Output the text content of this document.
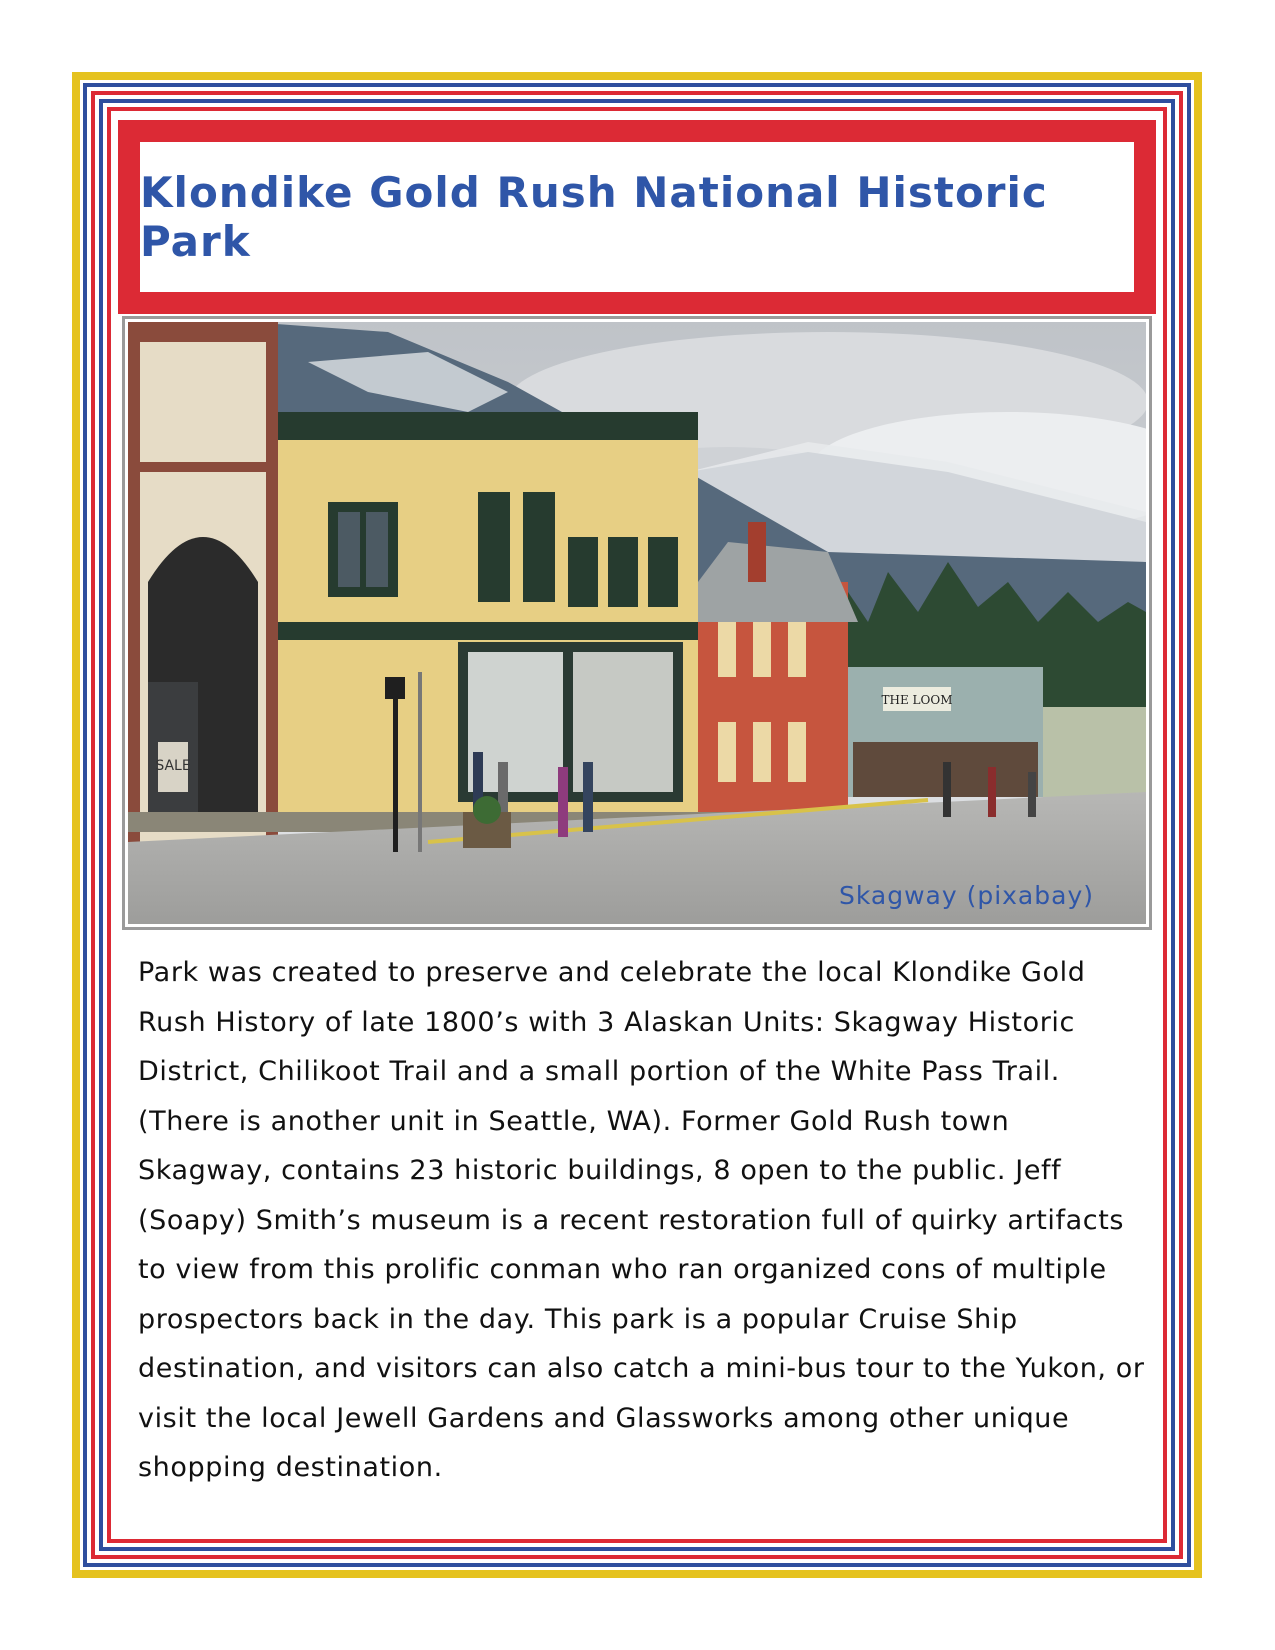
Klondike Gold Rush National Historic Park
SALE
THE LOOM
Skagway (pixabay)

Park was created to preserve and celebrate the local Klondike Gold Rush History of late 1800’s with 3 Alaskan Units: Skagway Historic District, Chilikoot Trail and a small portion of the White Pass Trail. (There is another unit in Seattle, WA). Former Gold Rush town Skagway, contains 23 historic buildings, 8 open to the public. Jeff (Soapy) Smith’s museum is a recent restoration full of quirky artifacts to view from this prolific conman who ran organized cons of multiple prospectors back in the day. This park is a popular Cruise Ship destination, and visitors can also catch a mini-bus tour to the Yukon, or visit the local Jewell Gardens and Glassworks among other unique shopping destination.
